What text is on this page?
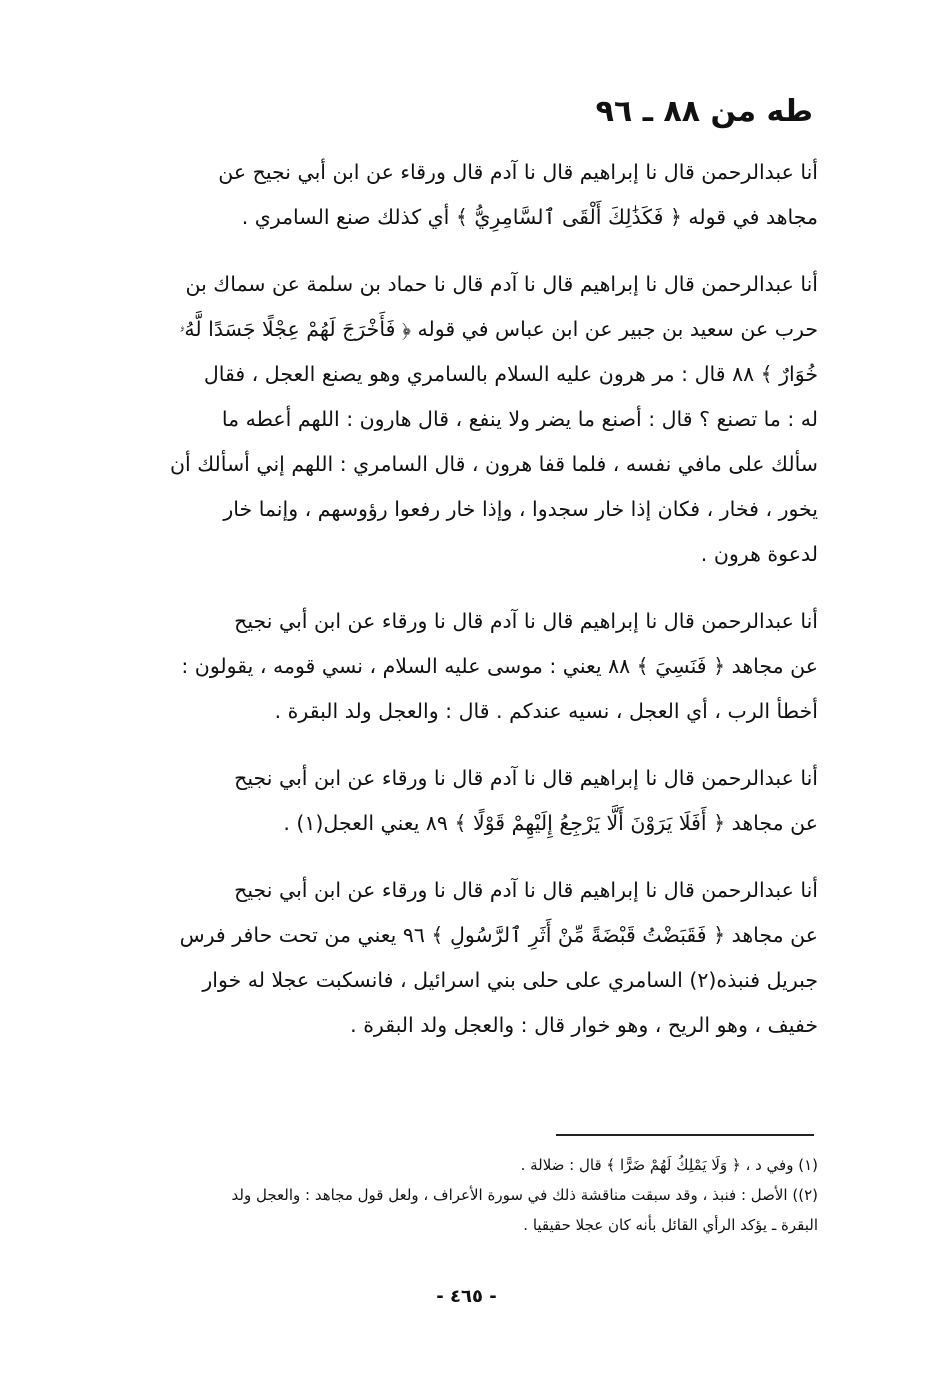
طه من ٨٨ ـ ٩٦

أنا عبدالرحمن قال نا إبراهيم قال نا آدم قال ورقاء عن ابن أبي نجيح عن

مجاهد في قوله ﴿ فَكَذَٰلِكَ أَلْقَى ٱلسَّامِرِيُّ ﴾ أي كذلك صنع السامري .

أنا عبدالرحمن قال نا إبراهيم قال نا آدم قال نا حماد بن سلمة عن سماك بن

حرب عن سعيد بن جبير عن ابن عباس في قوله ﴿ فَأَخْرَجَ لَهُمْ عِجْلًا جَسَدًا لَّهُۥ

خُوَارٌ ﴾ ٨٨ قال : مر هرون عليه السلام بالسامري وهو يصنع العجل ، فقال

له : ما تصنع ؟ قال : أصنع ما يضر ولا ينفع ، قال هارون : اللهم أعطه ما

سألك على مافي نفسه ، فلما قفا هرون ، قال السامري : اللهم إني أسألك أن

يخور ، فخار ، فكان إذا خار سجدوا ، وإذا خار رفعوا رؤوسهم ، وإنما خار

لدعوة هرون .

أنا عبدالرحمن قال نا إبراهيم قال نا آدم قال نا ورقاء عن ابن أبي نجيح

عن مجاهد ﴿ فَنَسِيَ ﴾ ٨٨ يعني : موسى عليه السلام ، نسي قومه ، يقولون :

أخطأ الرب ، أي العجل ، نسيه عندكم . قال : والعجل ولد البقرة .

أنا عبدالرحمن قال نا إبراهيم قال نا آدم قال نا ورقاء عن ابن أبي نجيح

عن مجاهد ﴿ أَفَلَا يَرَوْنَ أَلَّا يَرْجِعُ إِلَيْهِمْ قَوْلًا ﴾ ٨٩ يعني العجل(١) .

أنا عبدالرحمن قال نا إبراهيم قال نا آدم قال نا ورقاء عن ابن أبي نجيح

عن مجاهد ﴿ فَقَبَضْتُ قَبْضَةً مِّنْ أَثَرِ ٱلرَّسُولِ ﴾ ٩٦ يعني من تحت حافر فرس

جبريل فنبذه(٢) السامري على حلى بني اسرائيل ، فانسكبت عجلا له خوار

خفيف ، وهو الريح ، وهو خوار قال : والعجل ولد البقرة .

(١) وفي د ، ﴿ وَلَا يَمْلِكُ لَهُمْ ضَرًّا ﴾ قال : ضلالة .

(٢)) الأصل : فنبذ ، وقد سبقت مناقشة ذلك في سورة الأعراف ، ولعل قول مجاهد : والعجل ولد

البقرة ـ يؤكد الرأي القائل بأنه كان عجلا حقيقيا .

- ٤٦٥ -
